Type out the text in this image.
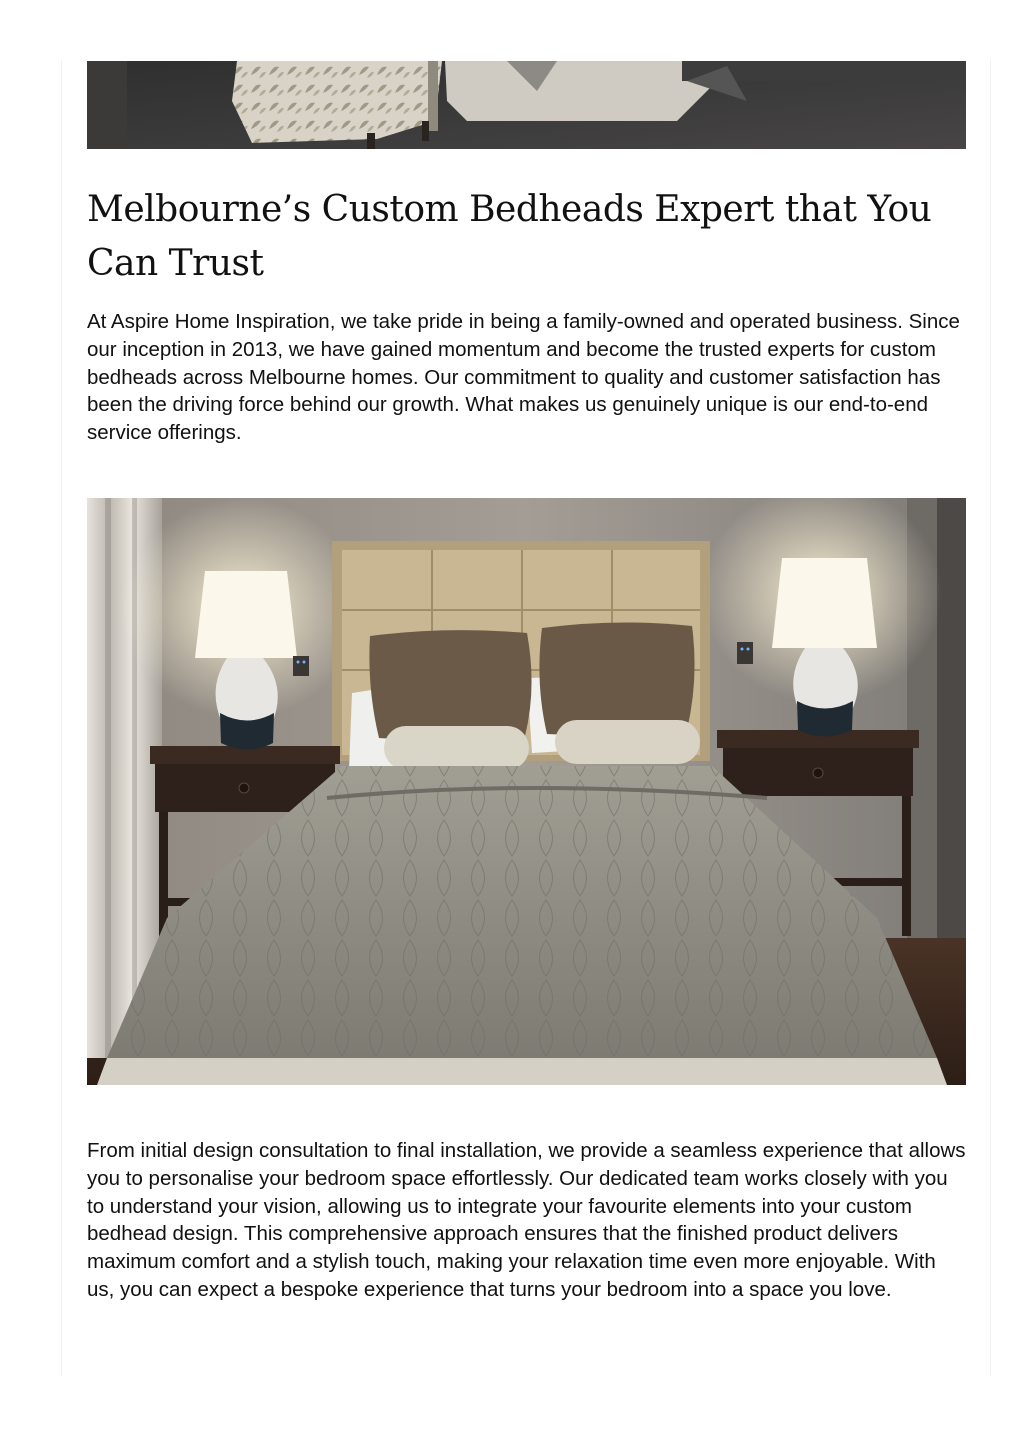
Melbourne’s Custom Bedheads Expert that You Can Trust

At Aspire Home Inspiration, we take pride in being a family-owned and operated business. Since our inception in 2013, we have gained momentum and become the trusted experts for custom bedheads across Melbourne homes. Our commitment to quality and customer satisfaction has been the driving force behind our growth. What makes us genuinely unique is our end-to-end service offerings.

From initial design consultation to final installation, we provide a seamless experience that allows you to personalise your bedroom space effortlessly. Our dedicated team works closely with you to understand your vision, allowing us to integrate your favourite elements into your custom bedhead design. This comprehensive approach ensures that the finished product delivers maximum comfort and a stylish touch, making your relaxation time even more enjoyable. With us, you can expect a bespoke experience that turns your bedroom into a space you love.
